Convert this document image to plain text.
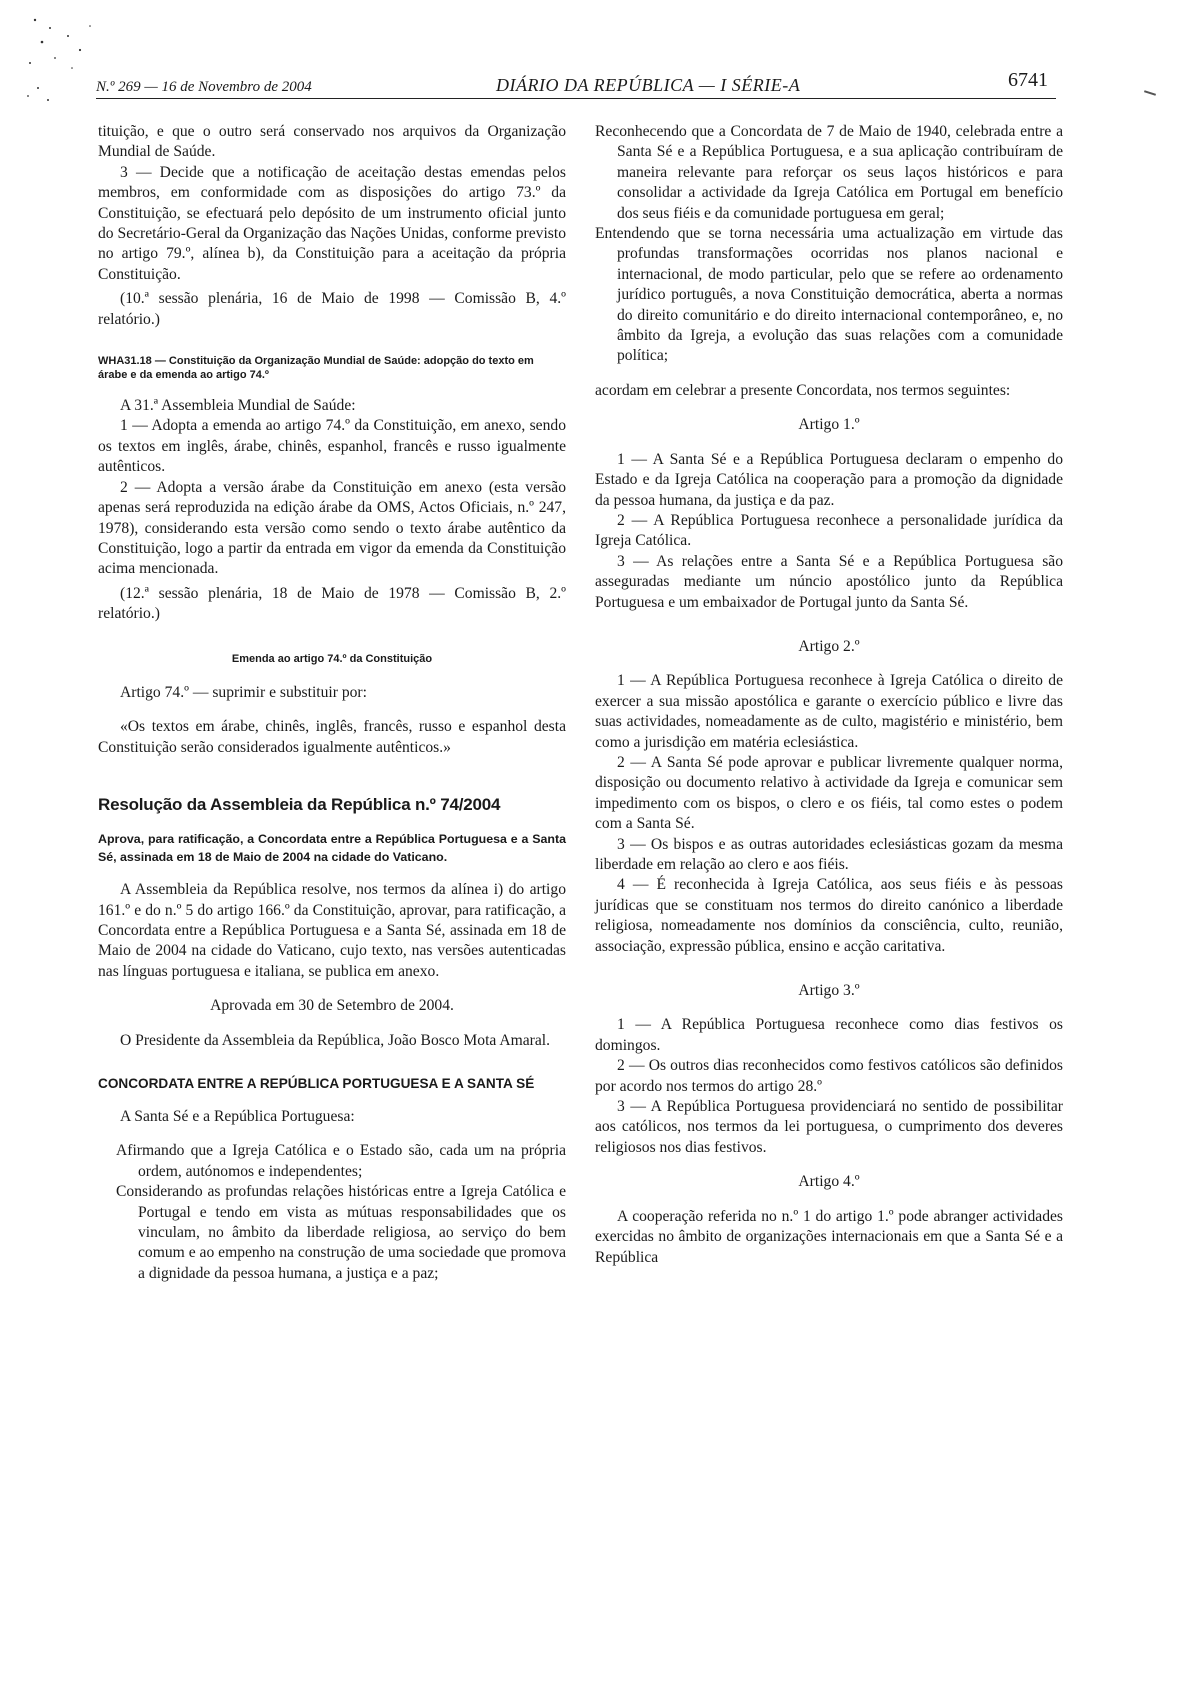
N.º 269 — 16 de Novembro de 2004	DIÁRIO DA REPÚBLICA — I SÉRIE-A	6741

tituição, e que o outro será conservado nos arquivos da Organização Mundial de Saúde.

3 — Decide que a notificação de aceitação destas emendas pelos membros, em conformidade com as disposições do artigo 73.º da Constituição, se efectuará pelo depósito de um instrumento oficial junto do Secretário-Geral da Organização das Nações Unidas, conforme previsto no artigo 79.º, alínea b), da Constituição para a aceitação da própria Constituição.

(10.ª sessão plenária, 16 de Maio de 1998 — Comissão B, 4.º relatório.)

WHA31.18 — Constituição da Organização Mundial de Saúde: adopção do texto em árabe e da emenda ao artigo 74.º

A 31.ª Assembleia Mundial de Saúde:

1 — Adopta a emenda ao artigo 74.º da Constituição, em anexo, sendo os textos em inglês, árabe, chinês, espanhol, francês e russo igualmente autênticos.

2 — Adopta a versão árabe da Constituição em anexo (esta versão apenas será reproduzida na edição árabe da OMS, Actos Oficiais, n.º 247, 1978), considerando esta versão como sendo o texto árabe autêntico da Constituição, logo a partir da entrada em vigor da emenda da Constituição acima mencionada.

(12.ª sessão plenária, 18 de Maio de 1978 — Comissão B, 2.º relatório.)

Emenda ao artigo 74.º da Constituição

Artigo 74.º — suprimir e substituir por:

«Os textos em árabe, chinês, inglês, francês, russo e espanhol desta Constituição serão considerados igualmente autênticos.»

Resolução da Assembleia da República n.º 74/2004

Aprova, para ratificação, a Concordata entre a República Portuguesa e a Santa Sé, assinada em 18 de Maio de 2004 na cidade do Vaticano.

A Assembleia da República resolve, nos termos da alínea i) do artigo 161.º e do n.º 5 do artigo 166.º da Constituição, aprovar, para ratificação, a Concordata entre a República Portuguesa e a Santa Sé, assinada em 18 de Maio de 2004 na cidade do Vaticano, cujo texto, nas versões autenticadas nas línguas portuguesa e italiana, se publica em anexo.

Aprovada em 30 de Setembro de 2004.

O Presidente da Assembleia da República, João Bosco Mota Amaral.

CONCORDATA ENTRE A REPÚBLICA PORTUGUESA E A SANTA SÉ

A Santa Sé e a República Portuguesa:

Afirmando que a Igreja Católica e o Estado são, cada um na própria ordem, autónomos e independentes;

Considerando as profundas relações históricas entre a Igreja Católica e Portugal e tendo em vista as mútuas responsabilidades que os vinculam, no âmbito da liberdade religiosa, ao serviço do bem comum e ao empenho na construção de uma sociedade que promova a dignidade da pessoa humana, a justiça e a paz;

Reconhecendo que a Concordata de 7 de Maio de 1940, celebrada entre a Santa Sé e a República Portuguesa, e a sua aplicação contribuíram de maneira relevante para reforçar os seus laços históricos e para consolidar a actividade da Igreja Católica em Portugal em benefício dos seus fiéis e da comunidade portuguesa em geral;

Entendendo que se torna necessária uma actualização em virtude das profundas transformações ocorridas nos planos nacional e internacional, de modo particular, pelo que se refere ao ordenamento jurídico português, a nova Constituição democrática, aberta a normas do direito comunitário e do direito internacional contemporâneo, e, no âmbito da Igreja, a evolução das suas relações com a comunidade política;

acordam em celebrar a presente Concordata, nos termos seguintes:

Artigo 1.º

1 — A Santa Sé e a República Portuguesa declaram o empenho do Estado e da Igreja Católica na cooperação para a promoção da dignidade da pessoa humana, da justiça e da paz.

2 — A República Portuguesa reconhece a personalidade jurídica da Igreja Católica.

3 — As relações entre a Santa Sé e a República Portuguesa são asseguradas mediante um núncio apostólico junto da República Portuguesa e um embaixador de Portugal junto da Santa Sé.

Artigo 2.º

1 — A República Portuguesa reconhece à Igreja Católica o direito de exercer a sua missão apostólica e garante o exercício público e livre das suas actividades, nomeadamente as de culto, magistério e ministério, bem como a jurisdição em matéria eclesiástica.

2 — A Santa Sé pode aprovar e publicar livremente qualquer norma, disposição ou documento relativo à actividade da Igreja e comunicar sem impedimento com os bispos, o clero e os fiéis, tal como estes o podem com a Santa Sé.

3 — Os bispos e as outras autoridades eclesiásticas gozam da mesma liberdade em relação ao clero e aos fiéis.

4 — É reconhecida à Igreja Católica, aos seus fiéis e às pessoas jurídicas que se constituam nos termos do direito canónico a liberdade religiosa, nomeadamente nos domínios da consciência, culto, reunião, associação, expressão pública, ensino e acção caritativa.

Artigo 3.º

1 — A República Portuguesa reconhece como dias festivos os domingos.

2 — Os outros dias reconhecidos como festivos católicos são definidos por acordo nos termos do artigo 28.º

3 — A República Portuguesa providenciará no sentido de possibilitar aos católicos, nos termos da lei portuguesa, o cumprimento dos deveres religiosos nos dias festivos.

Artigo 4.º

A cooperação referida no n.º 1 do artigo 1.º pode abranger actividades exercidas no âmbito de organizações internacionais em que a Santa Sé e a República
